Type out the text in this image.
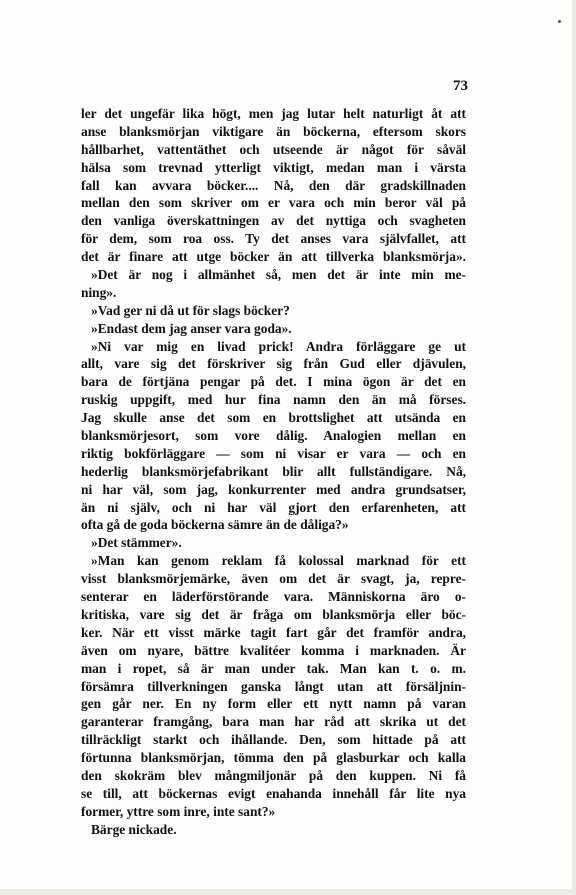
73
ler det ungefär lika högt, men jag lutar helt naturligt åt att
anse blanksmörjan viktigare än böckerna, eftersom skors
hållbarhet, vattentäthet och utseende är något för såväl
hälsa som trevnad ytterligt viktigt, medan man i värsta
fall kan avvara böcker.... Nå, den där gradskillnaden
mellan den som skriver om er vara och min beror väl på
den vanliga överskattningen av det nyttiga och svagheten
för dem, som roa oss. Ty det anses vara självfallet, att
det är finare att utge böcker än att tillverka blanksmörja».
»Det är nog i allmänhet så, men det är inte min me-
ning».
»Vad ger ni då ut för slags böcker?
»Endast dem jag anser vara goda».
»Ni var mig en livad prick! Andra förläggare ge ut
allt, vare sig det förskriver sig från Gud eller djävulen,
bara de förtjäna pengar på det. I mina ögon är det en
ruskig uppgift, med hur fina namn den än må förses.
Jag skulle anse det som en brottslighet att utsända en
blanksmörjesort, som vore dålig. Analogien mellan en
riktig bokförläggare — som ni visar er vara — och en
hederlig blanksmörjefabrikant blir allt fullständigare. Nå,
ni har väl, som jag, konkurrenter med andra grundsatser,
än ni själv, och ni har väl gjort den erfarenheten, att
ofta gå de goda böckerna sämre än de dåliga?»
»Det stämmer».
»Man kan genom reklam få kolossal marknad för ett
visst blanksmörjemärke, även om det är svagt, ja, repre-
senterar en läderförstörande vara. Människorna äro o-
kritiska, vare sig det är fråga om blanksmörja eller böc-
ker. När ett visst märke tagit fart går det framför andra,
även om nyare, bättre kvalitéer komma i marknaden. Är
man i ropet, så är man under tak. Man kan t. o. m.
försämra tillverkningen ganska långt utan att försäljnin-
gen går ner. En ny form eller ett nytt namn på varan
garanterar framgång, bara man har råd att skrika ut det
tillräckligt starkt och ihållande. Den, som hittade på att
förtunna blanksmörjan, tömma den på glasburkar och kalla
den skokräm blev mångmiljonär på den kuppen. Ni få
se till, att böckernas evigt enahanda innehåll får lite nya
former, yttre som inre, inte sant?»
Bärge nickade.
